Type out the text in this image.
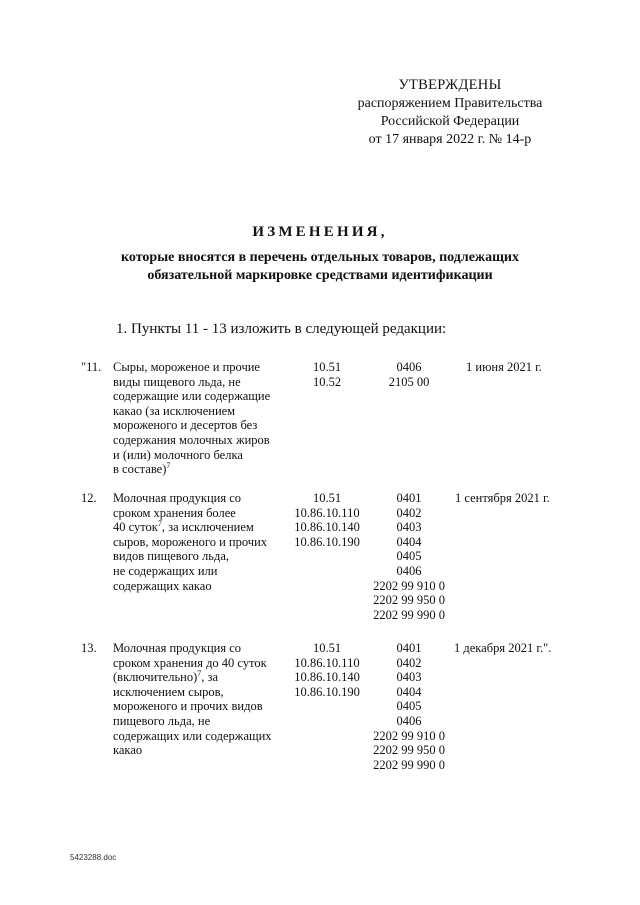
УТВЕРЖДЕНЫ
распоряжением Правительства
Российской Федерации
от 17 января 2022 г. № 14-р
ИЗМЕНЕНИЯ,
которые вносятся в перечень отдельных товаров, подлежащих
обязательной маркировке средствами идентификации
1. Пункты 11 - 13 изложить в следующей редакции:
"11. Сыры, мороженое и прочие
виды пищевого льда, не
содержащие или содержащие
какао (за исключением
мороженого и десертов без
содержания молочных жиров
и (или) молочного белка
в составе)$^7$
10.51
10.52
0406
2105 00
1 июня 2021 г.
12.	Молочная продукция со
сроком хранения более
40 суток$^7$, за исключением
сыров, мороженого и прочих
видов пищевого льда,
не содержащих или
содержащих какао
10.51
10.86.10.110
10.86.10.140
10.86.10.190
0401
0402
0403
0404
0405
0406
2202 99 910 0
2202 99 950 0
2202 99 990 0
1 сентября 2021 г.
13.	Молочная продукция со
сроком хранения до 40 суток
(включительно)$^7$, за
исключением сыров,
мороженого и прочих видов
пищевого льда, не
содержащих или содержащих
какао
10.51
10.86.10.110
10.86.10.140
10.86.10.190
0401
0402
0403
0404
0405
0406
2202 99 910 0
2202 99 950 0
2202 99 990 0
1 декабря 2021 г.".
5423288.doc
